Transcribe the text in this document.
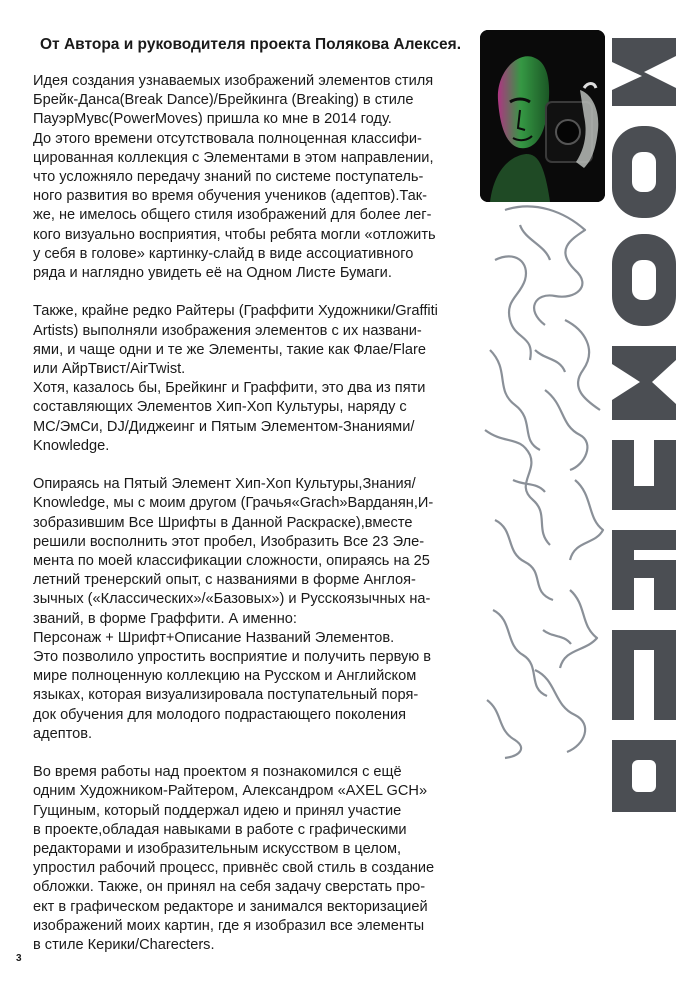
От Автора и руководителя проекта Полякова Алексея.

Идея создания узнаваемых изображений элементов стиля
Брейк-Данса(Break Dance)/Брейкинга (Breaking) в стиле
ПауэрМувс(PowerMoves) пришла ко мне в 2014 году.
До этого времени отсутствовала полноценная классифи-
цированная коллекция с Элементами в этом направлении,
что усложняло передачу знаний по системе поступатель-
ного развития во время обучения учеников (адептов).Так-
же, не имелось общего стиля изображений для более лег-
кого визуально восприятия, чтобы ребята могли «отложить
у себя в голове» картинку-слайд в виде ассоциативного
ряда и наглядно увидеть её на Одном Листе Бумаги.

Также, крайне редко Райтеры (Граффити Художники/Graffiti
Artists) выполняли изображения элементов с их названи-
ями, и чаще одни и те же Элементы, такие как Флае/Flare
или АйрТвист/AirTwist.
Хотя, казалось бы, Брейкинг и Граффити, это два из пяти
составляющих Элементов Хип-Хоп Культуры, наряду с
MC/ЭмСи, DJ/Диджеинг и Пятым Элементом-Знаниями/
Knowledge.

Опираясь на Пятый Элемент Хип-Хоп Культуры,Знания/
Knowledge, мы с моим другом (Грачья«Grach»Варданян,И-
зобразившим Все Шрифты в Данной Раскраске),вместе
решили восполнить этот пробел, Изобразить Все 23 Эле-
мента по моей классификации сложности, опираясь на 25
летний тренерский опыт, с названиями в форме Англоя-
зычных («Классических»/«Базовых») и Русскоязычных на-
званий, в форме Граффити. А именно:
Персонаж + Шрифт+Описание Названий Элементов.
Это позволило упростить восприятие и получить первую в
мире полноценную коллекцию на Русском и Английском
языках, которая визуализировала поступательный поря-
док обучения для молодого подрастающего поколения
адептов.

Во время работы над проектом я познакомился с ещё
одним Художником-Райтером, Александром «AXEL GCH»
Гущиным, который поддержал идею и принял участие
в проекте,обладая навыками в работе с графическими
редакторами и изобразительным искусством в целом,
упростил рабочий процесс, привнёс свой стиль в создание
обложки. Также, он принял на себя задачу сверстать про-
ект в графическом редакторе и занимался векторизацией
изображений моих картин, где я изобразил все элементы
в стиле Керики/Charecters.

3
